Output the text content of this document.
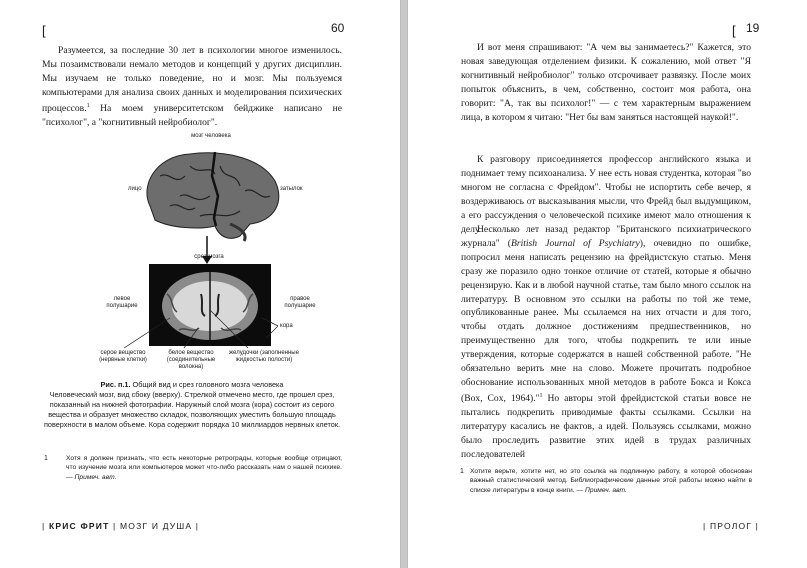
[	60

Разумеется, за последние 30 лет в психологии многое изменилось. Мы позаимствовали немало методов и концепций у других дисциплин. Мы изучаем не только поведение, но и мозг. Мы пользуемся компьютерами для анализа своих данных и моделирования психических процессов.$^1$ На моем университетском бейджике написано не "психолог", а "когнитивный нейробиолог".

мозг человека
лицо	затылок
срез мозга
левое полушарие
правое полушарие
кора
серое вещество (нервные клетки)
белое вещество (соединительные волокна)
желудочки (заполненные жидкостью полости)

Рис. п.1. Общий вид и срез головного мозга человека
Человеческий мозг, вид сбоку (вверху). Стрелкой отмечено место, где прошел срез, показанный на нижней фотографии. Наружный слой мозга (кора) состоит из серого вещества и образует множество складок, позволяющих уместить большую площадь поверхности в малом объеме. Кора содержит порядка 10 миллиардов нервных клеток.

1	Хотя я должен признать, что есть некоторые ретрограды, которые вообще отрицают, что изучение мозга или компьютеров может что-либо рассказать нам о нашей психике. — Примеч. авт.

| КРИС ФРИТ | МОЗГ И ДУША |
[ 19

И вот меня спрашивают: "А чем вы занимаетесь?" Кажется, это новая заведующая отделением физики. К сожалению, мой ответ "Я когнитивный нейробиолог" только отсрочивает развязку. После моих попыток объяснить, в чем, собственно, состоит моя работа, она говорит: "А, так вы психолог!" — с тем характерным выражением лица, в котором я читаю: "Нет бы вам заняться настоящей наукой!".

К разговору присоединяется профессор английского языка и поднимает тему психоанализа. У нее есть новая студентка, которая "во многом не согласна с Фрейдом". Чтобы не испортить себе вечер, я воздерживаюсь от высказывания мысли, что Фрейд был выдумщиком, а его рассуждения о человеческой психике имеют мало отношения к делу.

Несколько лет назад редактор "Британского психиатрического журнала" (British Journal of Psychiatry), очевидно по ошибке, попросил меня написать рецензию на фрейдистскую статью. Меня сразу же поразило одно тонкое отличие от статей, которые я обычно рецензирую. Как и в любой научной статье, там было много ссылок на литературу. В основном это ссылки на работы по той же теме, опубликованные ранее. Мы ссылаемся на них отчасти и для того, чтобы отдать должное достижениям предшественников, но преимущественно для того, чтобы подкрепить те или иные утверждения, которые содержатся в нашей собственной работе. "Не обязательно верить мне на слово. Можете прочитать подробное обоснование использованных мной методов в работе Бокса и Кокса (Box, Cox, 1964)."$^1$ Но авторы этой фрейдистской статьи вовсе не пытались подкрепить приводимые факты ссылками. Ссылки на литературу касались не фактов, а идей. Пользуясь ссылками, можно было проследить развитие этих идей в трудах различных последователей

1 Хотите верьте, хотите нет, но это ссылка на подлинную работу, в которой обоснован важный статистический метод. Библиографические данные этой работы можно найти в списке литературы в конце книги. — Примеч. авт.

| ПРОЛОГ |
